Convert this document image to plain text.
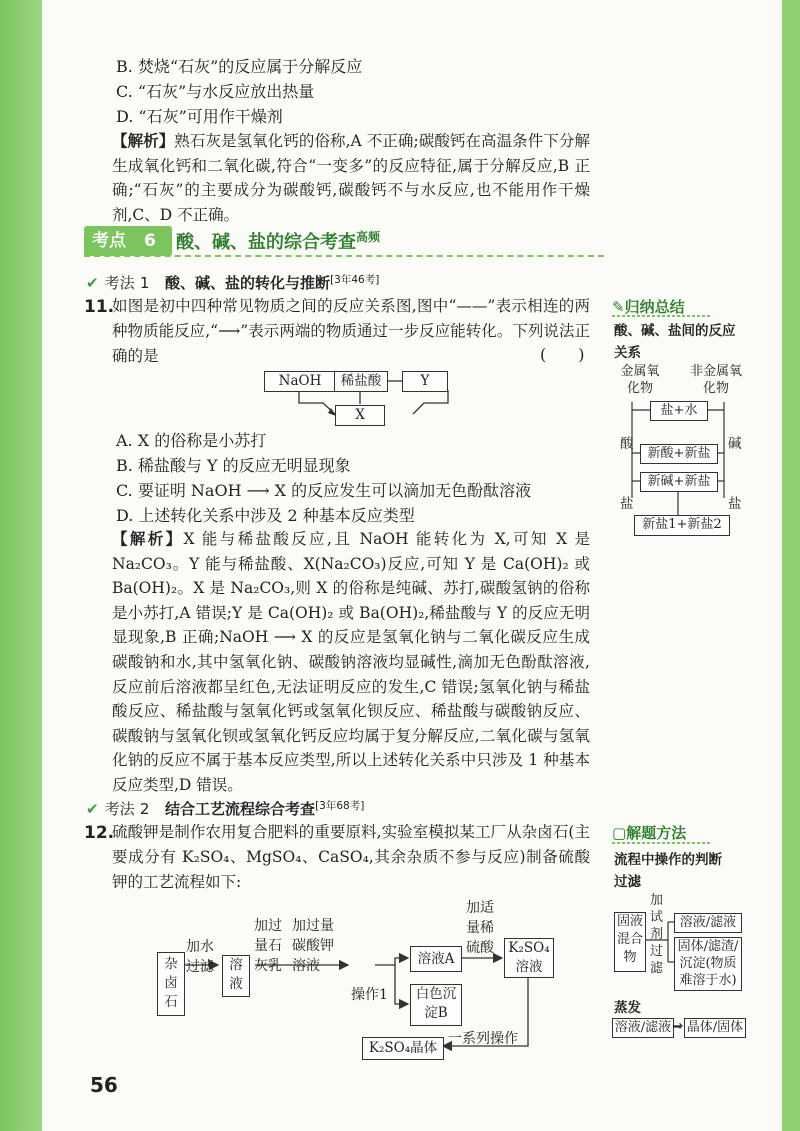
B. 焚烧“石灰”的反应属于分解反应
C. “石灰”与水反应放出热量
D. “石灰”可用作干燥剂
【解析】熟石灰是氢氧化钙的俗称,A 不正确;碳酸钙在高温条件下分解生成氧化钙和二氧化碳,符合“一变多”的反应特征,属于分解反应,B 正确;“石灰”的主要成分为碳酸钙,碳酸钙不与水反应,也不能用作干燥剂,C、D 不正确。
考点 6 酸、碱、盐的综合考查$^{高频}$
✔ 考法 1 酸、碱、盐的转化与推断[3年46考]
11.
如图是初中四种常见物质之间的反应关系图,图中“——”表示相连的两种物质能反应,“⟶”表示两端的物质通过一步反应能转化。下列说法正确的是	(　　)
NaOH	稀盐酸	Y
X
A. X 的俗称是小苏打
B. 稀盐酸与 Y 的反应无明显现象
C. 要证明 NaOH ⟶ X 的反应发生可以滴加无色酚酞溶液
D. 上述转化关系中涉及 2 种基本反应类型
【解析】X 能与稀盐酸反应,且 NaOH 能转化为 X,可知 X 是 Na₂CO₃。Y 能与稀盐酸、X(Na₂CO₃)反应,可知 Y 是 Ca(OH)₂ 或 Ba(OH)₂。X 是 Na₂CO₃,则 X 的俗称是纯碱、苏打,碳酸氢钠的俗称是小苏打,A 错误;Y 是 Ca(OH)₂ 或 Ba(OH)₂,稀盐酸与 Y 的反应无明显现象,B 正确;NaOH ⟶ X 的反应是氢氧化钠与二氧化碳反应生成碳酸钠和水,其中氢氧化钠、碳酸钠溶液均显碱性,滴加无色酚酞溶液,反应前后溶液都呈红色,无法证明反应的发生,C 错误;氢氧化钠与稀盐酸反应、稀盐酸与氢氧化钙或氢氧化钡反应、稀盐酸与碳酸钠反应、碳酸钠与氢氧化钡或氢氧化钙反应均属于复分解反应,二氧化碳与氢氧化钠的反应不属于基本反应类型,所以上述转化关系中只涉及 1 种基本反应类型,D 错误。
✔ 考法 2 结合工艺流程综合考查[3年68考]
12.
硫酸钾是制作农用复合肥料的重要原料,实验室模拟某工厂从杂卤石(主要成分有 K₂SO₄、MgSO₄、CaSO₄,其余杂质不参与反应)制备硫酸钾的工艺流程如下:
杂卤石
加水过滤	溶液
加过量石灰乳
加过量碳酸钾溶液
操作1
溶液A
白色沉淀B
加适量稀硫酸	K₂SO₄溶液
一系列操作
K₂SO₄晶体
✎归纳总结
酸、碱、盐间的反应关系
金属氧化物
非金属氧化物
盐+水
酸	碱
新酸+新盐
新碱+新盐
盐	盐
新盐1+新盐2
▢解题方法
流程中操作的判断
过滤
固液混合物
加试剂过滤
溶液/滤液
固体/滤渣/沉淀(物质难溶于水)
蒸发
溶液/滤液 → 晶体/固体
56
